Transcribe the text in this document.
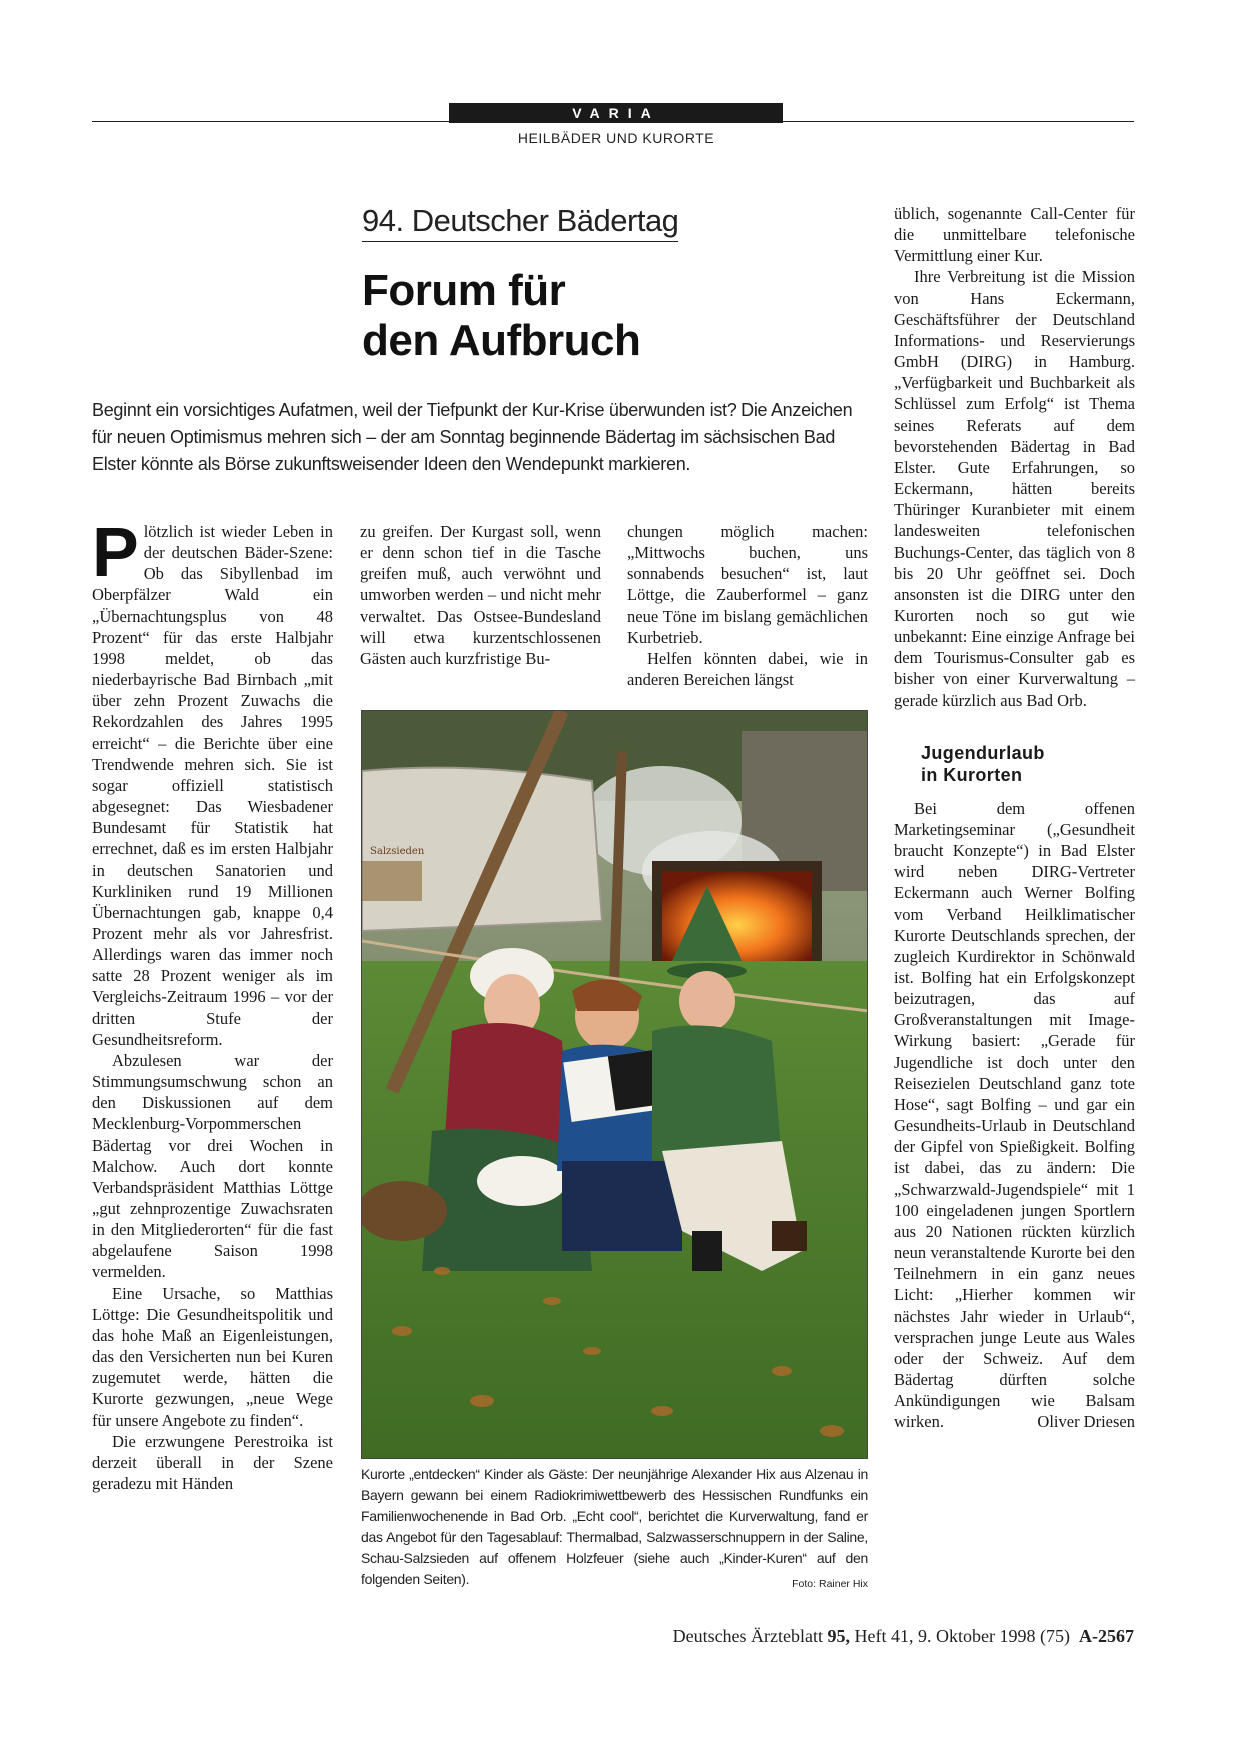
VARIA
HEILBÄDER UND KURORTE
94. Deutscher Bädertag
Forum für
den Aufbruch

Beginnt ein vorsichtiges Aufatmen, weil der Tiefpunkt der Kur-Krise überwunden ist? Die Anzeichen für neuen Optimismus mehren sich – der am Sonntag beginnende Bädertag im sächsischen Bad Elster könnte als Börse zukunftsweisender Ideen den Wendepunkt markieren.

Plötzlich ist wieder Leben in der deutschen Bäder-Szene: Ob das Sibyllenbad im Oberpfälzer Wald ein „Übernachtungsplus von 48 Prozent“ für das erste Halbjahr 1998 meldet, ob das niederbayrische Bad Birnbach „mit über zehn Prozent Zuwachs die Rekordzahlen des Jahres 1995 erreicht“ – die Berichte über eine Trendwende mehren sich. Sie ist sogar offiziell statistisch abgesegnet: Das Wiesbadener Bundesamt für Statistik hat errechnet, daß es im ersten Halbjahr in deutschen Sanatorien und Kurkliniken rund 19 Millionen Übernachtungen gab, knappe 0,4 Prozent mehr als vor Jahresfrist. Allerdings waren das immer noch satte 28 Prozent weniger als im Vergleichs-Zeitraum 1996 – vor der dritten Stufe der Gesundheitsreform.

Abzulesen war der Stimmungsumschwung schon an den Diskussionen auf dem Mecklenburg-Vorpommerschen Bädertag vor drei Wochen in Malchow. Auch dort konnte Verbandspräsident Matthias Löttge „gut zehnprozentige Zuwachsraten in den Mitgliederorten“ für die fast abgelaufene Saison 1998 vermelden.

Eine Ursache, so Matthias Löttge: Die Gesundheitspolitik und das hohe Maß an Eigenleistungen, das den Versicherten nun bei Kuren zugemutet werde, hätten die Kurorte gezwungen, „neue Wege für unsere Angebote zu finden“.

Die erzwungene Perestroika ist derzeit überall in der Szene geradezu mit Händen

zu greifen. Der Kurgast soll, wenn er denn schon tief in die Tasche greifen muß, auch verwöhnt und umworben werden – und nicht mehr verwaltet. Das Ostsee-Bundesland will etwa kurzentschlossenen Gästen auch kurzfristige Bu-

chungen möglich machen: „Mittwochs buchen, uns sonnabends besuchen“ ist, laut Löttge, die Zauberformel – ganz neue Töne im bislang gemächlichen Kurbetrieb.

Helfen könnten dabei, wie in anderen Bereichen längst

üblich, sogenannte Call-Center für die unmittelbare telefonische Vermittlung einer Kur.

Ihre Verbreitung ist die Mission von Hans Eckermann, Geschäftsführer der Deutschland Informations- und Reservierungs GmbH (DIRG) in Hamburg. „Verfügbarkeit und Buchbarkeit als Schlüssel zum Erfolg“ ist Thema seines Referats auf dem bevorstehenden Bädertag in Bad Elster. Gute Erfahrungen, so Eckermann, hätten bereits Thüringer Kuranbieter mit einem landesweiten telefonischen Buchungs-Center, das täglich von 8 bis 20 Uhr geöffnet sei. Doch ansonsten ist die DIRG unter den Kurorten noch so gut wie unbekannt: Eine einzige Anfrage bei dem Tourismus-Consulter gab es bisher von einer Kurverwaltung – gerade kürzlich aus Bad Orb.

Jugendurlaub
in Kurorten

Bei dem offenen Marketingseminar („Gesundheit braucht Konzepte“) in Bad Elster wird neben DIRG-Vertreter Eckermann auch Werner Bolfing vom Verband Heilklimatischer Kurorte Deutschlands sprechen, der zugleich Kurdirektor in Schönwald ist. Bolfing hat ein Erfolgskonzept beizutragen, das auf Großveranstaltungen mit Image-Wirkung basiert: „Gerade für Jugendliche ist doch unter den Reisezielen Deutschland ganz tote Hose“, sagt Bolfing – und gar ein Gesundheits-Urlaub in Deutschland der Gipfel von Spießigkeit. Bolfing ist dabei, das zu ändern: Die „Schwarzwald-Jugendspiele“ mit 1 100 eingeladenen jungen Sportlern aus 20 Nationen rückten kürzlich neun veranstaltende Kurorte bei den Teilnehmern in ein ganz neues Licht: „Hierher kommen wir nächstes Jahr wieder in Urlaub“, versprachen junge Leute aus Wales oder der Schweiz. Auf dem Bädertag dürften solche Ankündigungen wie Balsam wirken.	Oliver Driesen

Salzsieden
Kurorte „entdecken“ Kinder als Gäste: Der neunjährige Alexander Hix aus Alzenau in Bayern gewann bei einem Radiokrimiwettbewerb des Hessischen Rundfunks ein Familienwochenende in Bad Orb. „Echt cool“, berichtet die Kurverwaltung, fand er das Angebot für den Tagesablauf: Thermalbad, Salzwasserschnuppern in der Saline, Schau-Salzsieden auf offenem Holzfeuer (siehe auch „Kinder-Kuren“ auf den folgenden Seiten).	Foto: Rainer Hix
Deutsches Ärzteblatt 95, Heft 41, 9. Oktober 1998 (75) A-2567
